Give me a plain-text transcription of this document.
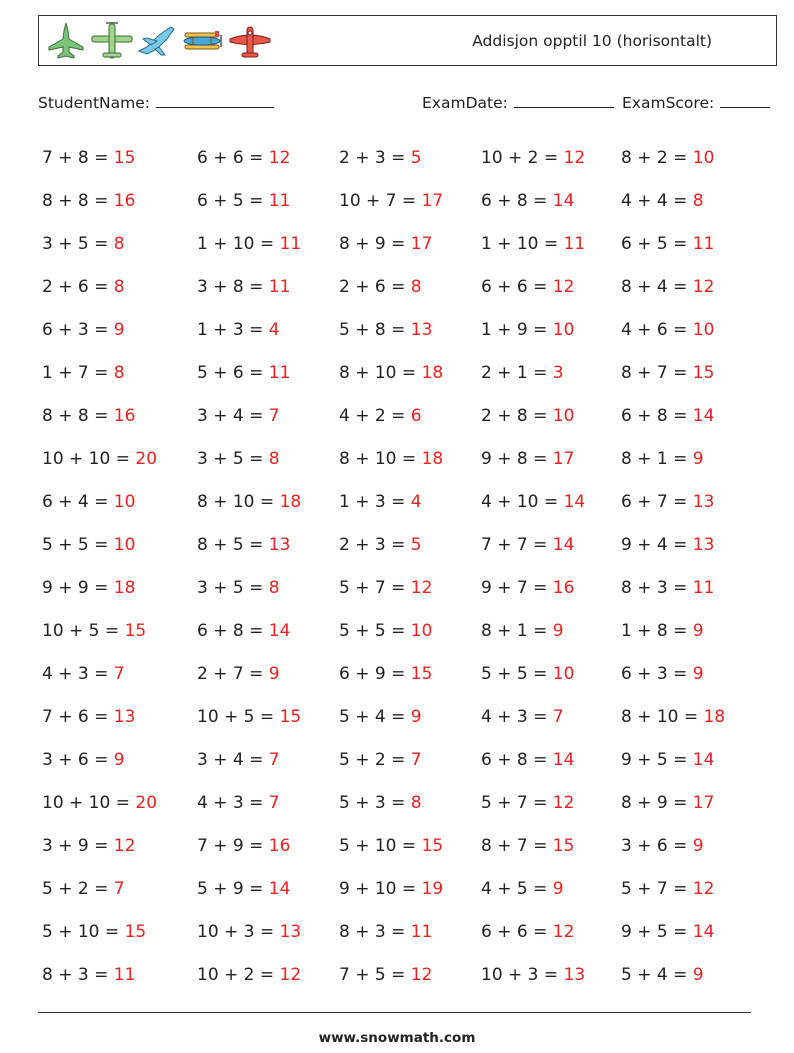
Addisjon opptil 10 (horisontalt)
StudentName:	ExamDate:	ExamScore:
7 + 8 = 15	6 + 6 = 12	2 + 3 = 5	10 + 2 = 12	8 + 2 = 10
8 + 8 = 16	6 + 5 = 11	10 + 7 = 17	6 + 8 = 14	4 + 4 = 8
3 + 5 = 8	1 + 10 = 11	8 + 9 = 17	1 + 10 = 11	6 + 5 = 11
2 + 6 = 8	3 + 8 = 11	2 + 6 = 8	6 + 6 = 12	8 + 4 = 12
6 + 3 = 9	1 + 3 = 4	5 + 8 = 13	1 + 9 = 10	4 + 6 = 10
1 + 7 = 8	5 + 6 = 11	8 + 10 = 18	2 + 1 = 3	8 + 7 = 15
8 + 8 = 16	3 + 4 = 7	4 + 2 = 6	2 + 8 = 10	6 + 8 = 14
10 + 10 = 20	3 + 5 = 8	8 + 10 = 18	9 + 8 = 17	8 + 1 = 9
6 + 4 = 10	8 + 10 = 18	1 + 3 = 4	4 + 10 = 14	6 + 7 = 13
5 + 5 = 10	8 + 5 = 13	2 + 3 = 5	7 + 7 = 14	9 + 4 = 13
9 + 9 = 18	3 + 5 = 8	5 + 7 = 12	9 + 7 = 16	8 + 3 = 11
10 + 5 = 15	6 + 8 = 14	5 + 5 = 10	8 + 1 = 9	1 + 8 = 9
4 + 3 = 7	2 + 7 = 9	6 + 9 = 15	5 + 5 = 10	6 + 3 = 9
7 + 6 = 13	10 + 5 = 15	5 + 4 = 9	4 + 3 = 7	8 + 10 = 18
3 + 6 = 9	3 + 4 = 7	5 + 2 = 7	6 + 8 = 14	9 + 5 = 14
10 + 10 = 20	4 + 3 = 7	5 + 3 = 8	5 + 7 = 12	8 + 9 = 17
3 + 9 = 12	7 + 9 = 16	5 + 10 = 15	8 + 7 = 15	3 + 6 = 9
5 + 2 = 7	5 + 9 = 14	9 + 10 = 19	4 + 5 = 9	5 + 7 = 12
5 + 10 = 15	10 + 3 = 13	8 + 3 = 11	6 + 6 = 12	9 + 5 = 14
8 + 3 = 11	10 + 2 = 12	7 + 5 = 12	10 + 3 = 13	5 + 4 = 9
www.snowmath.com
